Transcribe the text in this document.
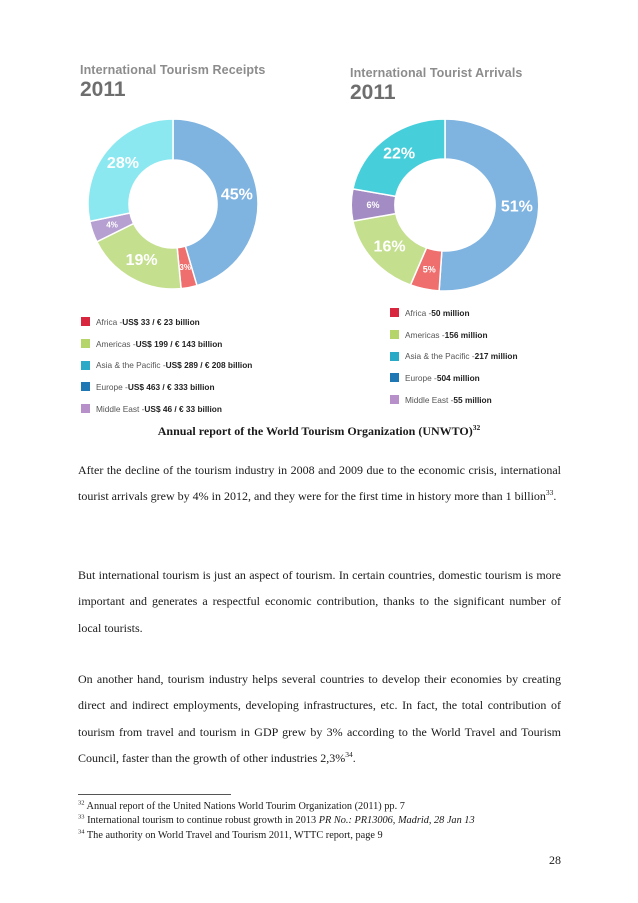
International Tourism Receipts
2011
45%
3%
19%
4%
28%
Africa - US$ 33 / € 23 billion
Americas - US$ 199 / € 143 billion
Asia & the Pacific - US$ 289 / € 208 billion
Europe - US$ 463 / € 333 billion
Middle East - US$ 46 / € 33 billion
International Tourist Arrivals
2011
51%
5%
16%
6%
22%
Africa - 50 million
Americas - 156 million
Asia & the Pacific - 217 million
Europe - 504 million
Middle East - 55 million
Annual report of the World Tourism Organization (UNWTO)$^{32}$
After the decline of the tourism industry in 2008 and 2009 due to the economic crisis, international tourist arrivals grew by 4% in 2012, and they were for the first time in history more than 1 billion$^{33}$.
But international tourism is just an aspect of tourism. In certain countries, domestic tourism is more important and generates a respectful economic contribution, thanks to the significant number of local tourists.
On another hand, tourism industry helps several countries to develop their economies by creating direct and indirect employments, developing infrastructures, etc. In fact, the total contribution of tourism from travel and tourism in GDP grew by 3% according to the World Travel and Tourism Council, faster than the growth of other industries 2,3%$^{34}$.
$^{32}$ Annual report of the United Nations World Tourim Organization (2011) pp. 7
$^{33}$ International tourism to continue robust growth in 2013 PR No.: PR13006, Madrid, 28 Jan 13
$^{34}$ The authority on World Travel and Tourism 2011, WTTC report, page 9
28
